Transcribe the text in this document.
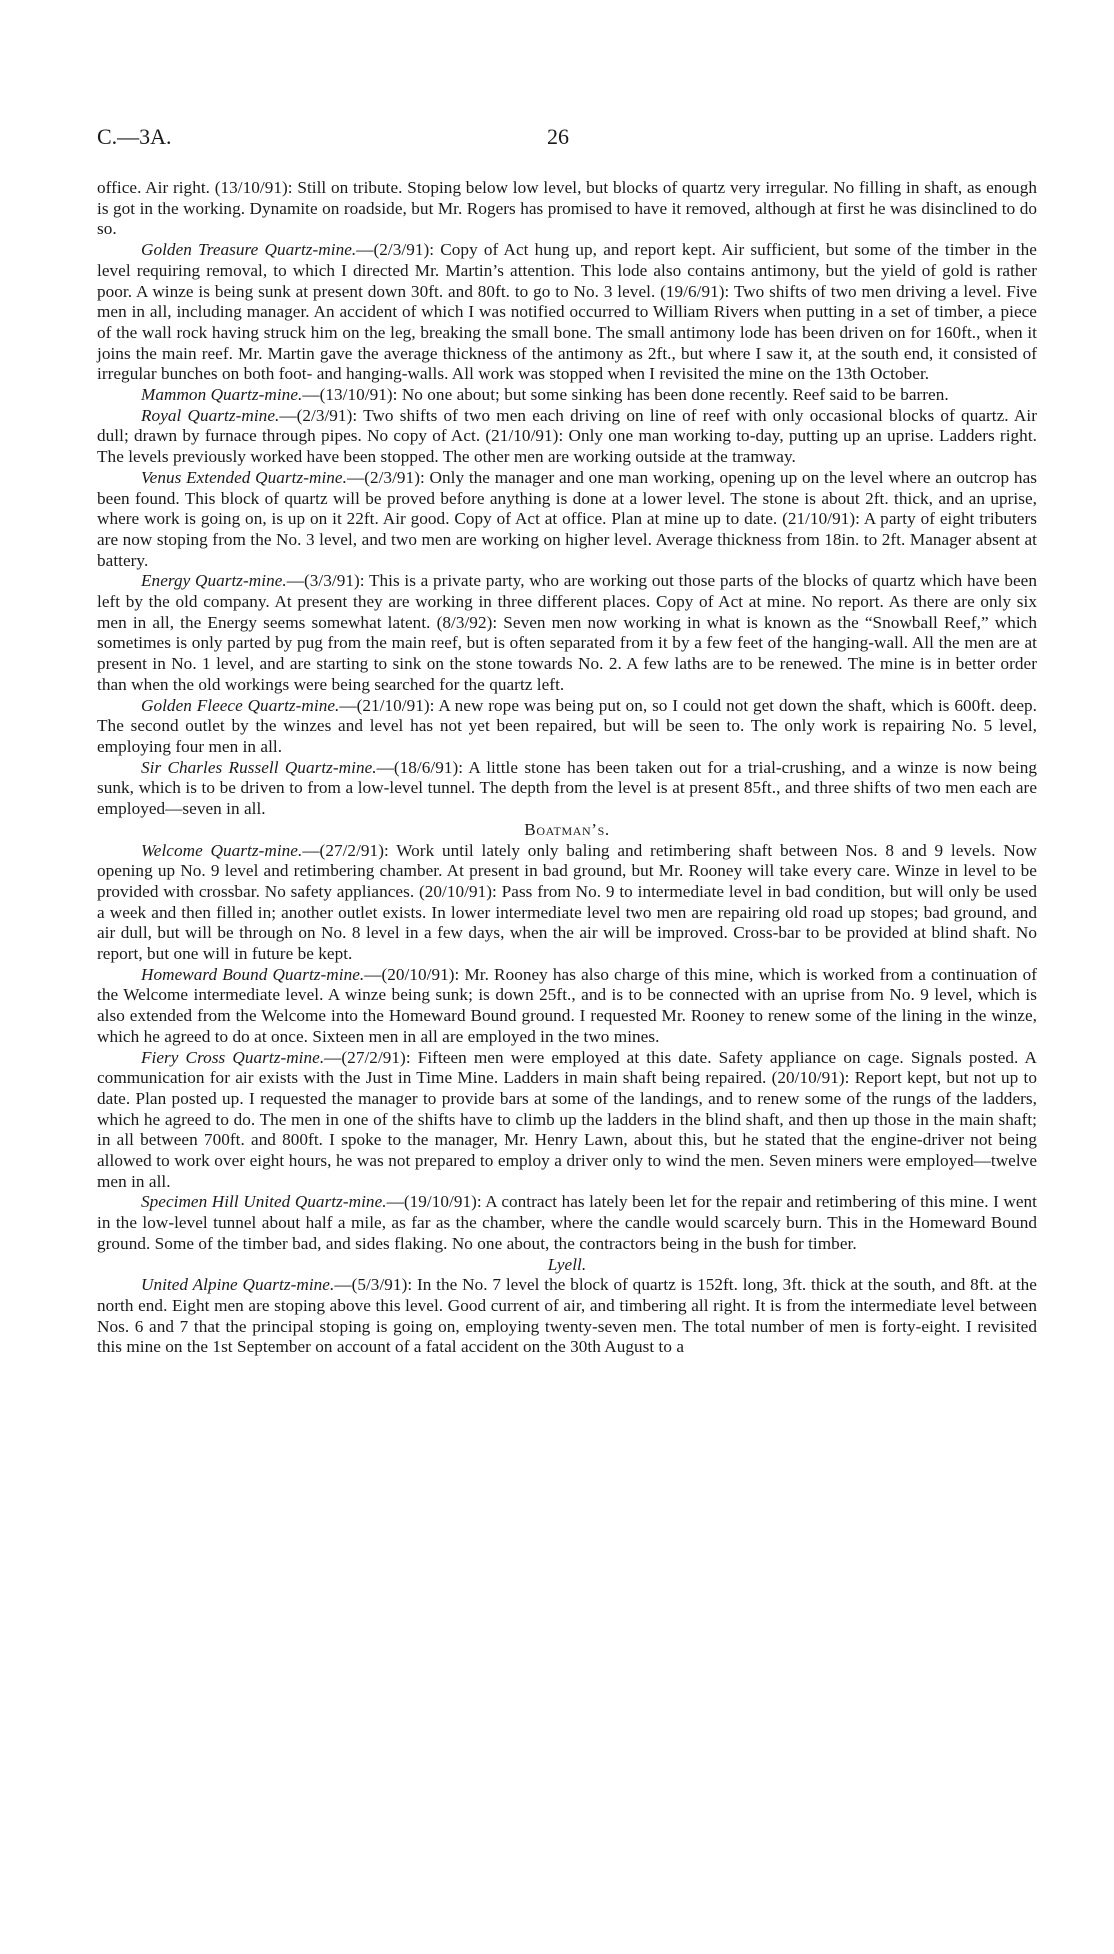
C.—3A.	26

office. Air right. (13/10/91): Still on tribute. Stoping below low level, but blocks of quartz very irregular. No filling in shaft, as enough is got in the working. Dynamite on roadside, but Mr. Rogers has promised to have it removed, although at first he was disinclined to do so.

Golden Treasure Quartz-mine.—(2/3/91): Copy of Act hung up, and report kept. Air sufficient, but some of the timber in the level requiring removal, to which I directed Mr. Martin’s attention. This lode also contains antimony, but the yield of gold is rather poor. A winze is being sunk at present down 30ft. and 80ft. to go to No. 3 level. (19/6/91): Two shifts of two men driving a level. Five men in all, including manager. An accident of which I was notified occurred to William Rivers when putting in a set of timber, a piece of the wall rock having struck him on the leg, breaking the small bone. The small antimony lode has been driven on for 160ft., when it joins the main reef. Mr. Martin gave the average thickness of the antimony as 2ft., but where I saw it, at the south end, it consisted of irregular bunches on both foot- and hanging-walls. All work was stopped when I revisited the mine on the 13th October.

Mammon Quartz-mine.—(13/10/91): No one about; but some sinking has been done recently. Reef said to be barren.

Royal Quartz-mine.—(2/3/91): Two shifts of two men each driving on line of reef with only occasional blocks of quartz. Air dull; drawn by furnace through pipes. No copy of Act. (21/10/91): Only one man working to-day, putting up an uprise. Ladders right. The levels previously worked have been stopped. The other men are working outside at the tramway.

Venus Extended Quartz-mine.—(2/3/91): Only the manager and one man working, opening up on the level where an outcrop has been found. This block of quartz will be proved before anything is done at a lower level. The stone is about 2ft. thick, and an uprise, where work is going on, is up on it 22ft. Air good. Copy of Act at office. Plan at mine up to date. (21/10/91): A party of eight tributers are now stoping from the No. 3 level, and two men are working on higher level. Average thickness from 18in. to 2ft. Manager absent at battery.

Energy Quartz-mine.—(3/3/91): This is a private party, who are working out those parts of the blocks of quartz which have been left by the old company. At present they are working in three different places. Copy of Act at mine. No report. As there are only six men in all, the Energy seems somewhat latent. (8/3/92): Seven men now working in what is known as the “Snowball Reef,” which sometimes is only parted by pug from the main reef, but is often separated from it by a few feet of the hanging-wall. All the men are at present in No. 1 level, and are starting to sink on the stone towards No. 2. A few laths are to be renewed. The mine is in better order than when the old workings were being searched for the quartz left.

Golden Fleece Quartz-mine.—(21/10/91): A new rope was being put on, so I could not get down the shaft, which is 600ft. deep. The second outlet by the winzes and level has not yet been repaired, but will be seen to. The only work is repairing No. 5 level, employing four men in all.

Sir Charles Russell Quartz-mine.—(18/6/91): A little stone has been taken out for a trial-crushing, and a winze is now being sunk, which is to be driven to from a low-level tunnel. The depth from the level is at present 85ft., and three shifts of two men each are employed—seven in all.

Boatman’s.

Welcome Quartz-mine.—(27/2/91): Work until lately only baling and retimbering shaft between Nos. 8 and 9 levels. Now opening up No. 9 level and retimbering chamber. At present in bad ground, but Mr. Rooney will take every care. Winze in level to be provided with crossbar. No safety appliances. (20/10/91): Pass from No. 9 to intermediate level in bad condition, but will only be used a week and then filled in; another outlet exists. In lower intermediate level two men are repairing old road up stopes; bad ground, and air dull, but will be through on No. 8 level in a few days, when the air will be improved. Cross-bar to be provided at blind shaft. No report, but one will in future be kept.

Homeward Bound Quartz-mine.—(20/10/91): Mr. Rooney has also charge of this mine, which is worked from a continuation of the Welcome intermediate level. A winze being sunk; is down 25ft., and is to be connected with an uprise from No. 9 level, which is also extended from the Welcome into the Homeward Bound ground. I requested Mr. Rooney to renew some of the lining in the winze, which he agreed to do at once. Sixteen men in all are employed in the two mines.

Fiery Cross Quartz-mine.—(27/2/91): Fifteen men were employed at this date. Safety appliance on cage. Signals posted. A communication for air exists with the Just in Time Mine. Ladders in main shaft being repaired. (20/10/91): Report kept, but not up to date. Plan posted up. I requested the manager to provide bars at some of the landings, and to renew some of the rungs of the ladders, which he agreed to do. The men in one of the shifts have to climb up the ladders in the blind shaft, and then up those in the main shaft; in all between 700ft. and 800ft. I spoke to the manager, Mr. Henry Lawn, about this, but he stated that the engine-driver not being allowed to work over eight hours, he was not prepared to employ a driver only to wind the men. Seven miners were employed—twelve men in all.

Specimen Hill United Quartz-mine.—(19/10/91): A contract has lately been let for the repair and retimbering of this mine. I went in the low-level tunnel about half a mile, as far as the chamber, where the candle would scarcely burn. This in the Homeward Bound ground. Some of the timber bad, and sides flaking. No one about, the contractors being in the bush for timber.

Lyell.

United Alpine Quartz-mine.—(5/3/91): In the No. 7 level the block of quartz is 152ft. long, 3ft. thick at the south, and 8ft. at the north end. Eight men are stoping above this level. Good current of air, and timbering all right. It is from the intermediate level between Nos. 6 and 7 that the principal stoping is going on, employing twenty-seven men. The total number of men is forty-eight. I revisited this mine on the 1st September on account of a fatal accident on the 30th August to a
